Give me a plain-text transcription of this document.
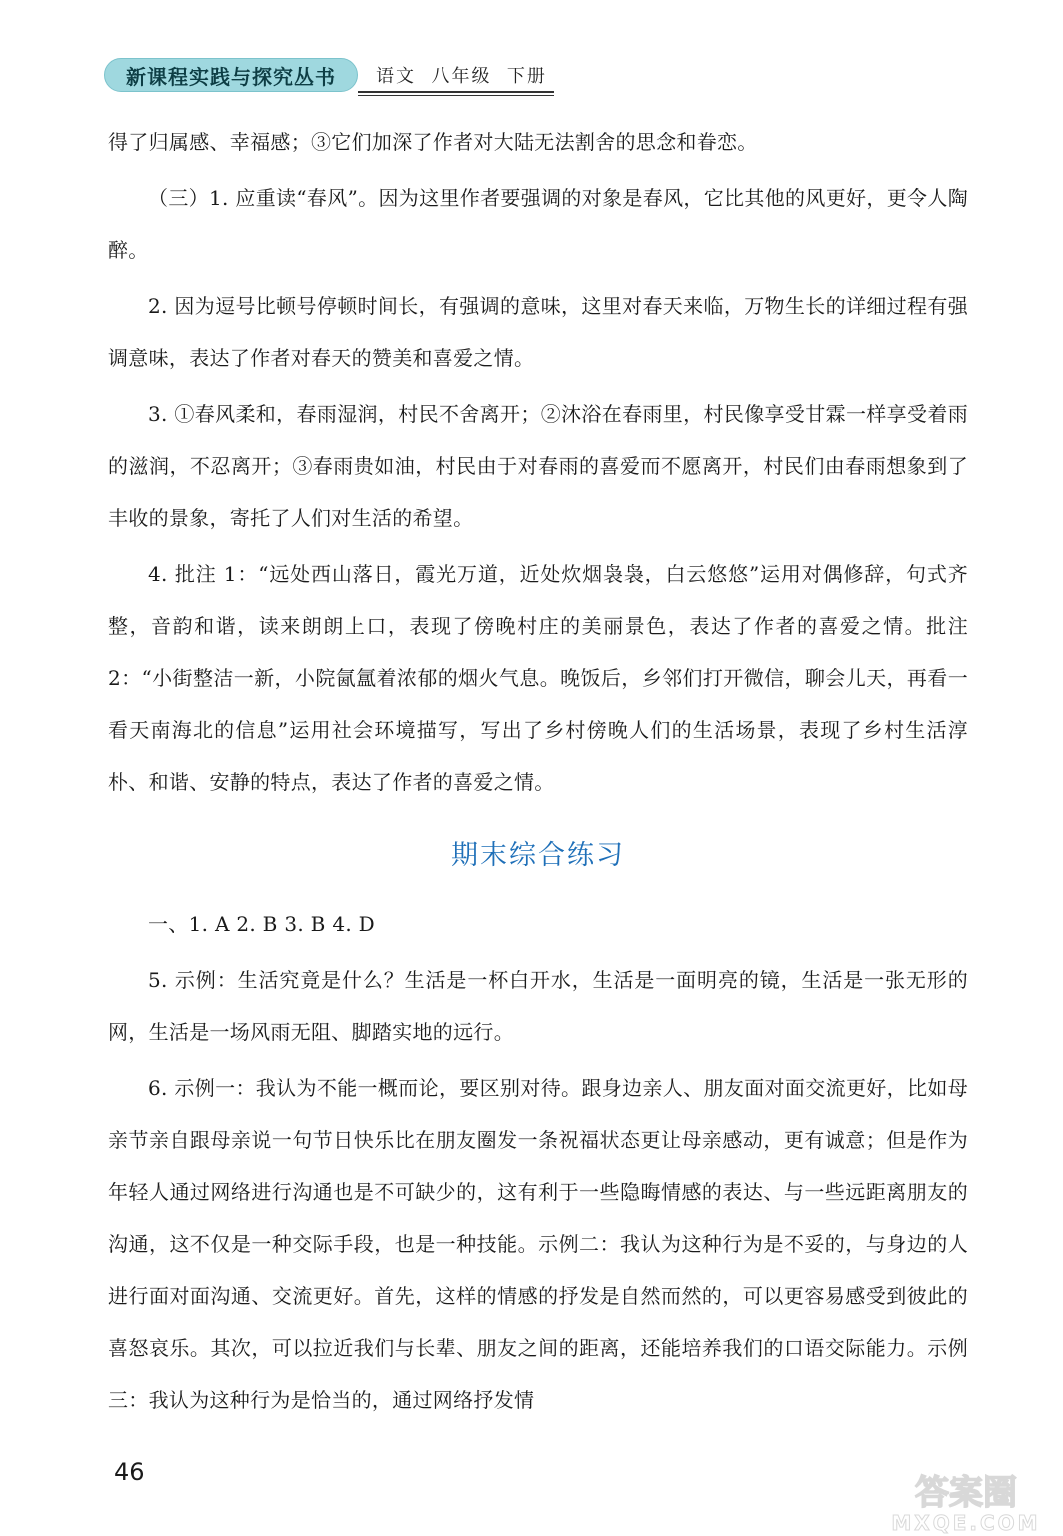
新课程实践与探究丛书	语文  八年级  下册

得了归属感、幸福感；③它们加深了作者对大陆无法割舍的思念和眷恋。

（三）1. 应重读“春风”。因为这里作者要强调的对象是春风，它比其他的风更好，更令人陶醉。

2. 因为逗号比顿号停顿时间长，有强调的意味，这里对春天来临，万物生长的详细过程有强调意味，表达了作者对春天的赞美和喜爱之情。

3. ①春风柔和，春雨湿润，村民不舍离开；②沐浴在春雨里，村民像享受甘霖一样享受着雨的滋润，不忍离开；③春雨贵如油，村民由于对春雨的喜爱而不愿离开，村民们由春雨想象到了丰收的景象，寄托了人们对生活的希望。

4. 批注 1：“远处西山落日，霞光万道，近处炊烟袅袅，白云悠悠”运用对偶修辞，句式齐整，音韵和谐，读来朗朗上口，表现了傍晚村庄的美丽景色，表达了作者的喜爱之情。批注 2：“小街整洁一新，小院氤氲着浓郁的烟火气息。晚饭后，乡邻们打开微信，聊会儿天，再看一看天南海北的信息”运用社会环境描写，写出了乡村傍晚人们的生活场景，表现了乡村生活淳朴、和谐、安静的特点，表达了作者的喜爱之情。

期末综合练习

一、1. A 2. B 3. B 4. D

5. 示例：生活究竟是什么？生活是一杯白开水，生活是一面明亮的镜，生活是一张无形的网，生活是一场风雨无阻、脚踏实地的远行。

6. 示例一：我认为不能一概而论，要区别对待。跟身边亲人、朋友面对面交流更好，比如母亲节亲自跟母亲说一句节日快乐比在朋友圈发一条祝福状态更让母亲感动，更有诚意；但是作为年轻人通过网络进行沟通也是不可缺少的，这有利于一些隐晦情感的表达、与一些远距离朋友的沟通，这不仅是一种交际手段，也是一种技能。示例二：我认为这种行为是不妥的，与身边的人进行面对面沟通、交流更好。首先，这样的情感的抒发是自然而然的，可以更容易感受到彼此的喜怒哀乐。其次，可以拉近我们与长辈、朋友之间的距离，还能培养我们的口语交际能力。示例三：我认为这种行为是恰当的，通过网络抒发情

46
答案圈
MXQE.COM
